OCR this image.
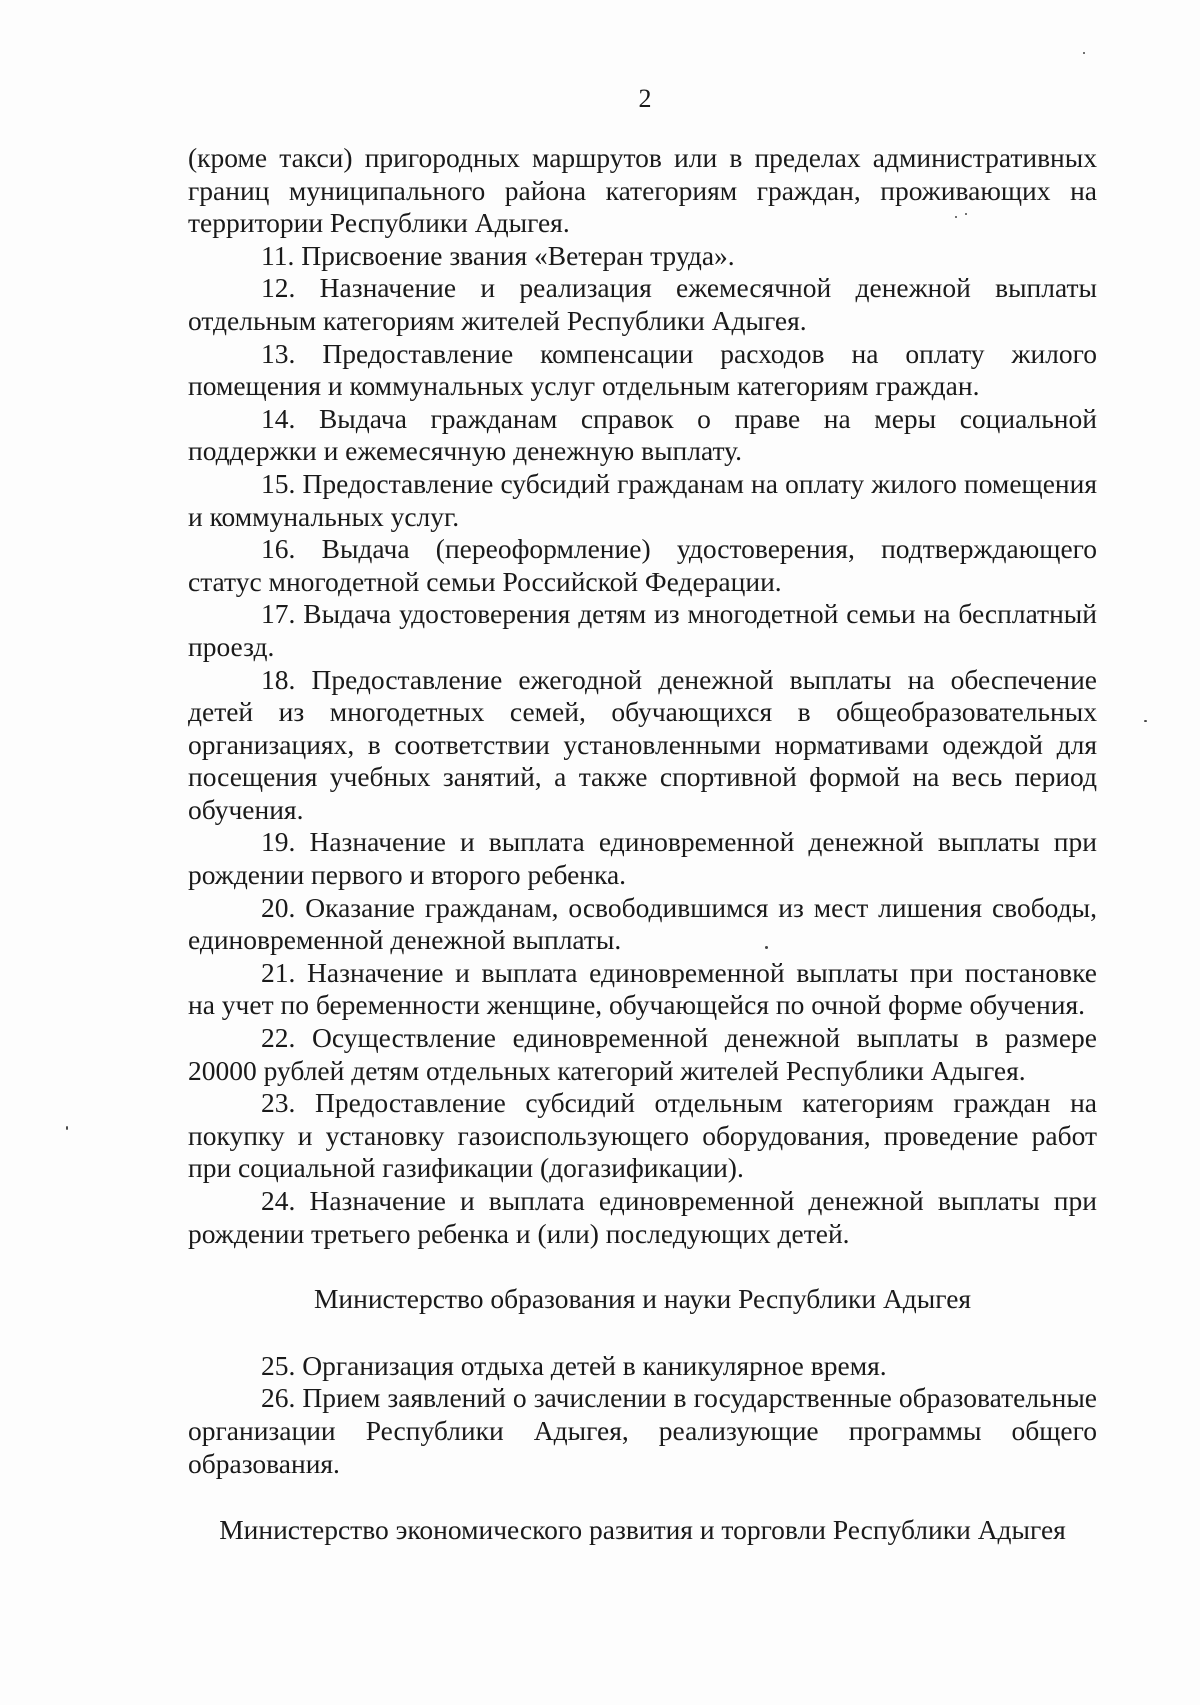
2

(кроме такси) пригородных маршрутов или в пределах административных границ муниципального района категориям граждан, проживающих на территории Республики Адыгея.

11. Присвоение звания «Ветеран труда».

12. Назначение и реализация ежемесячной денежной выплаты отдельным категориям жителей Республики Адыгея.

13. Предоставление компенсации расходов на оплату жилого помещения и коммунальных услуг отдельным категориям граждан.

14. Выдача гражданам справок о праве на меры социальной поддержки и ежемесячную денежную выплату.

15. Предоставление субсидий гражданам на оплату жилого помещения и коммунальных услуг.

16. Выдача (переоформление) удостоверения, подтверждающего статус многодетной семьи Российской Федерации.

17. Выдача удостоверения детям из многодетной семьи на бесплатный проезд.

18. Предоставление ежегодной денежной выплаты на обеспечение детей из многодетных семей, обучающихся в общеобразовательных организациях, в соответствии установленными нормативами одеждой для посещения учебных занятий, а также спортивной формой на весь период обучения.

19. Назначение и выплата единовременной денежной выплаты при рождении первого и второго ребенка.

20. Оказание гражданам, освободившимся из мест лишения свободы, единовременной денежной выплаты.

21. Назначение и выплата единовременной выплаты при постановке на учет по беременности женщине, обучающейся по очной форме обучения.

22. Осуществление единовременной денежной выплаты в размере 20000 рублей детям отдельных категорий жителей Республики Адыгея.

23. Предоставление субсидий отдельным категориям граждан на покупку и установку газоиспользующего оборудования, проведение работ при социальной газификации (догазификации).

24. Назначение и выплата единовременной денежной выплаты при рождении третьего ребенка и (или) последующих детей.

Министерство образования и науки Республики Адыгея

25. Организация отдыха детей в каникулярное время.

26. Прием заявлений о зачислении в государственные образовательные организации Республики Адыгея, реализующие программы общего образования.

Министерство экономического развития и торговли Республики Адыгея
